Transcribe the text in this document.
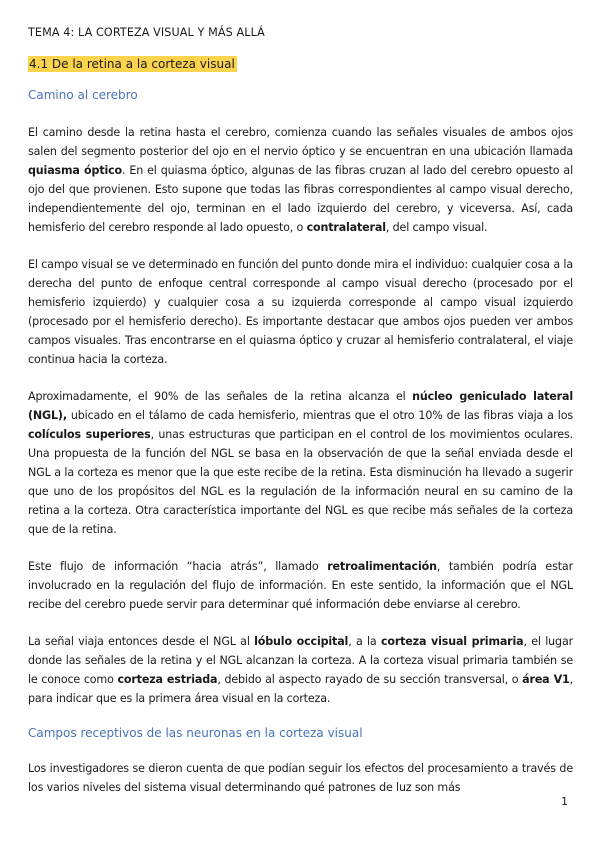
TEMA 4: LA CORTEZA VISUAL Y MÁS ALLÁ
4.1 De la retina a la corteza visual
Camino al cerebro

El camino desde la retina hasta el cerebro, comienza cuando las señales visuales de ambos ojos salen del segmento posterior del ojo en el nervio óptico y se encuentran en una ubicación llamada quiasma óptico. En el quiasma óptico, algunas de las fibras cruzan al lado del cerebro opuesto al ojo del que provienen. Esto supone que todas las fibras correspondientes al campo visual derecho, independientemente del ojo, terminan en el lado izquierdo del cerebro, y viceversa. Así, cada hemisferio del cerebro responde al lado opuesto, o contralateral, del campo visual.

El campo visual se ve determinado en función del punto donde mira el individuo: cualquier cosa a la derecha del punto de enfoque central corresponde al campo visual derecho (procesado por el hemisferio izquierdo) y cualquier cosa a su izquierda corresponde al campo visual izquierdo (procesado por el hemisferio derecho). Es importante destacar que ambos ojos pueden ver ambos campos visuales. Tras encontrarse en el quiasma óptico y cruzar al hemisferio contralateral, el viaje continua hacia la corteza.

Aproximadamente, el 90% de las señales de la retina alcanza el núcleo geniculado lateral (NGL), ubicado en el tálamo de cada hemisferio, mientras que el otro 10% de las fibras viaja a los colículos superiores, unas estructuras que participan en el control de los movimientos oculares. Una propuesta de la función del NGL se basa en la observación de que la señal enviada desde el NGL a la corteza es menor que la que este recibe de la retina. Esta disminución ha llevado a sugerir que uno de los propósitos del NGL es la regulación de la información neural en su camino de la retina a la corteza. Otra característica importante del NGL es que recibe más señales de la corteza que de la retina.

Este flujo de información “hacia atrás”, llamado retroalimentación, también podría estar involucrado en la regulación del flujo de información. En este sentido, la información que el NGL recibe del cerebro puede servir para determinar qué información debe enviarse al cerebro.

La señal viaja entonces desde el NGL al lóbulo occipital, a la corteza visual primaria, el lugar donde las señales de la retina y el NGL alcanzan la corteza. A la corteza visual primaria también se le conoce como corteza estriada, debido al aspecto rayado de su sección transversal, o área V1, para indicar que es la primera área visual en la corteza.

Campos receptivos de las neuronas en la corteza visual

Los investigadores se dieron cuenta de que podían seguir los efectos del procesamiento a través de los varios niveles del sistema visual determinando qué patrones de luz son más

1
